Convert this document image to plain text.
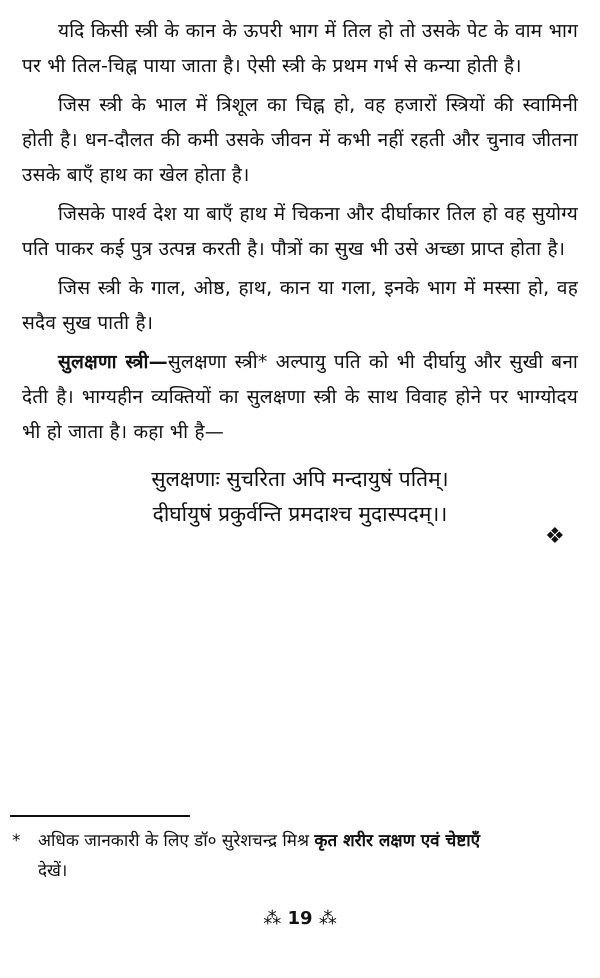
यदि किसी स्त्री के कान के ऊपरी भाग में तिल हो तो उसके पेट के वाम भाग पर भी तिल-चिह्न पाया जाता है। ऐसी स्त्री के प्रथम गर्भ से कन्या होती है।

जिस स्त्री के भाल में त्रिशूल का चिह्न हो, वह हजारों स्त्रियों की स्वामिनी होती है। धन-दौलत की कमी उसके जीवन में कभी नहीं रहती और चुनाव जीतना उसके बाएँ हाथ का खेल होता है।

जिसके पार्श्व देश या बाएँ हाथ में चिकना और दीर्घाकार तिल हो वह सुयोग्य पति पाकर कई पुत्र उत्पन्न करती है। पौत्रों का सुख भी उसे अच्छा प्राप्त होता है।

जिस स्त्री के गाल, ओष्ठ, हाथ, कान या गला, इनके भाग में मस्सा हो, वह सदैव सुख पाती है।

सुलक्षणा स्त्री—सुलक्षणा स्त्री* अल्पायु पति को भी दीर्घायु और सुखी बना देती है। भाग्यहीन व्यक्तियों का सुलक्षणा स्त्री के साथ विवाह होने पर भाग्योदय भी हो जाता है। कहा भी है—

सुलक्षणाः सुचरिता अपि मन्दायुषं पतिम्।
दीर्घायुषं प्रकुर्वन्ति प्रमदाश्च मुदास्पदम्।।
❖
* अधिक जानकारी के लिए डॉ० सुरेशचन्द्र मिश्र कृत शरीर लक्षण एवं चेष्टाएँ
देखें।
⁂ 19 ⁂
